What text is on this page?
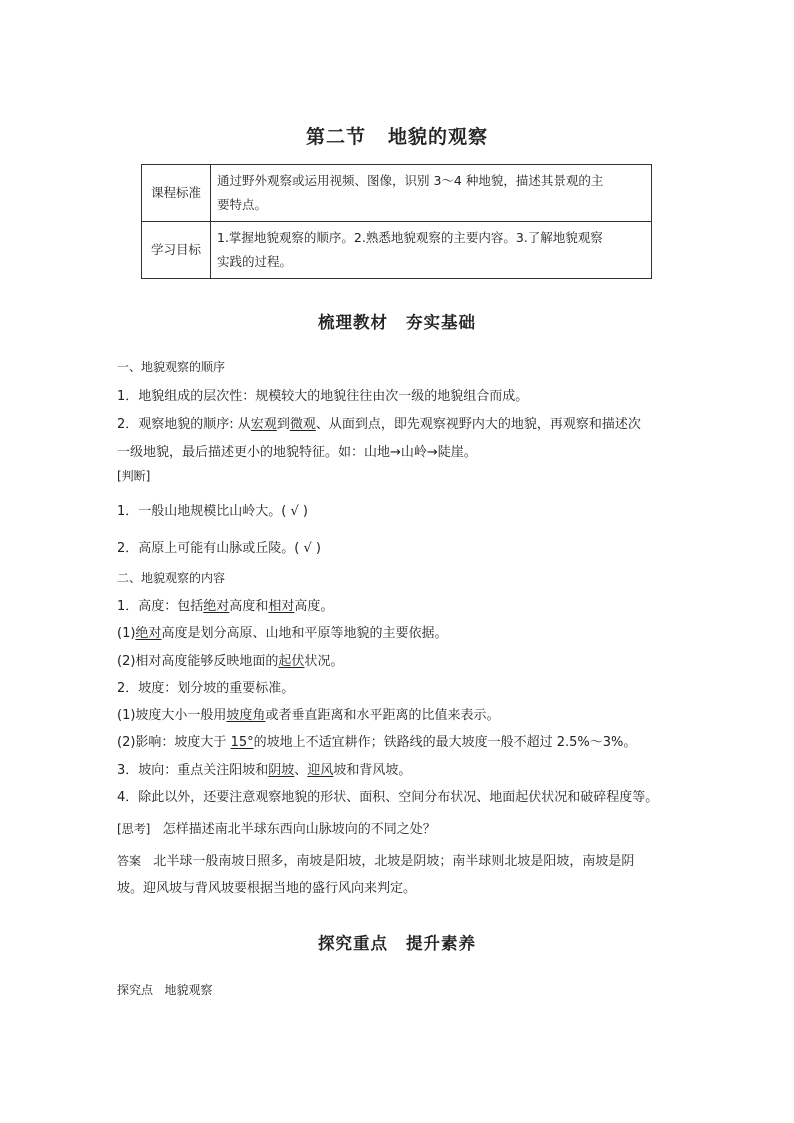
第二节 地貌的观察
课程标准	通过野外观察或运用视频、图像，识别 3～4 种地貌，描述其景观的主
要特点。

学习目标	1.掌握地貌观察的顺序。2.熟悉地貌观察的主要内容。3.了解地貌观察
实践的过程。
梳理教材 夯实基础
一、地貌观察的顺序
1．地貌组成的层次性：规模较大的地貌往往由次一级的地貌组合而成。
2．观察地貌的顺序: 从宏观到微观、从面到点，即先观察视野内大的地貌，再观察和描述次
一级地貌，最后描述更小的地貌特征。如：山地→山岭→陡崖。
[判断]
1．一般山地规模比山岭大。( √ )
2．高原上可能有山脉或丘陵。( √ )
二、地貌观察的内容
1．高度：包括绝对高度和相对高度。
(1)绝对高度是划分高原、山地和平原等地貌的主要依据。
(2)相对高度能够反映地面的起伏状况。
2．坡度：划分坡的重要标准。
(1)坡度大小一般用坡度角或者垂直距离和水平距离的比值来表示。
(2)影响：坡度大于 15°的坡地上不适宜耕作；铁路线的最大坡度一般不超过 2.5%～3%。
3．坡向：重点关注阳坡和阴坡、迎风坡和背风坡。
4．除此以外，还要注意观察地貌的形状、面积、空间分布状况、地面起伏状况和破碎程度等。
[思考] 怎样描述南北半球东西向山脉坡向的不同之处？
答案 北半球一般南坡日照多，南坡是阳坡，北坡是阴坡；南半球则北坡是阳坡，南坡是阴
坡。迎风坡与背风坡要根据当地的盛行风向来判定。
探究重点 提升素养
探究点 地貌观察
